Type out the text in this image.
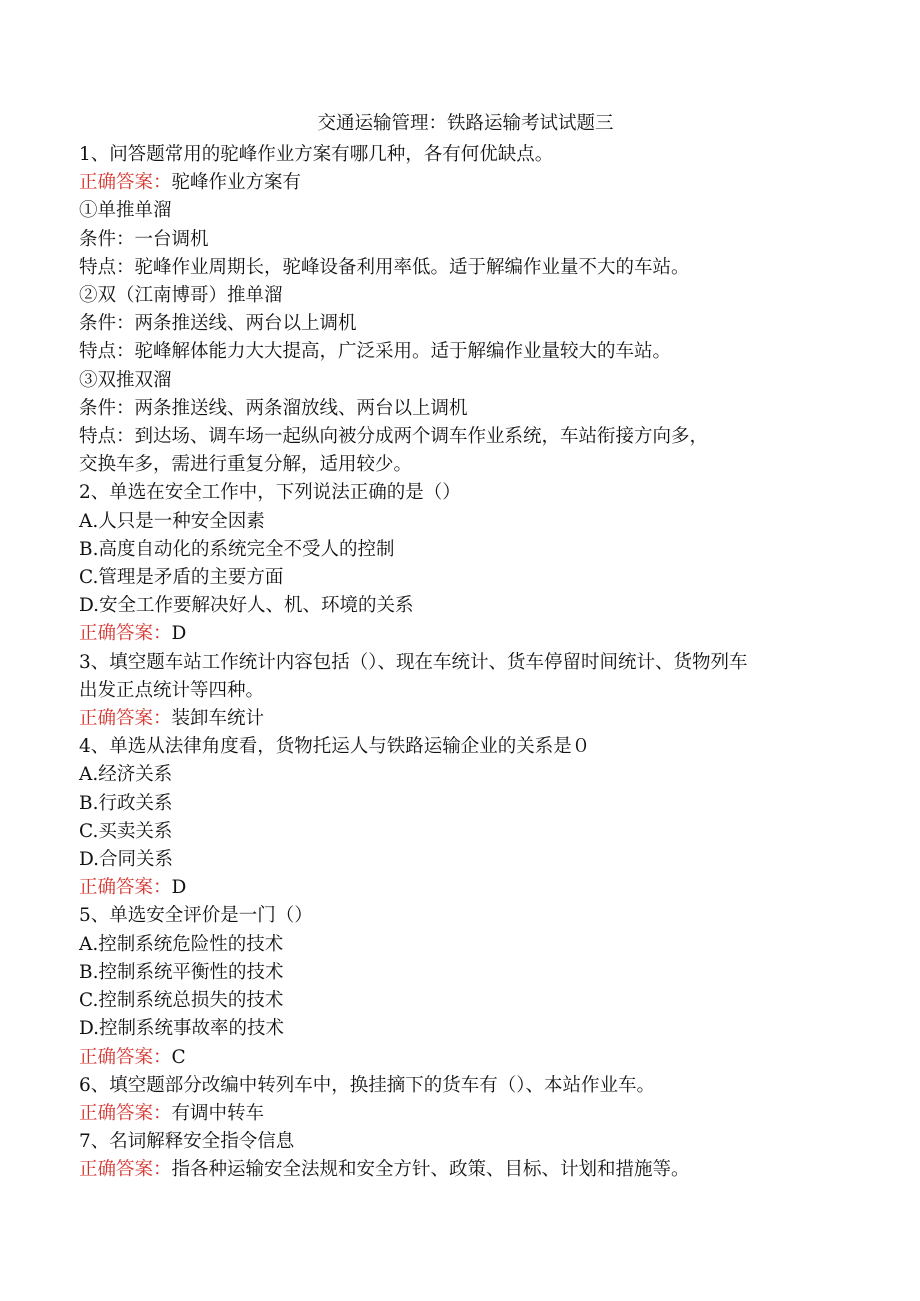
交通运输管理：铁路运输考试试题三
1、问答题常用的驼峰作业方案有哪几种，各有何优缺点。
正确答案：驼峰作业方案有
①单推单溜
条件：一台调机
特点：驼峰作业周期长，驼峰设备利用率低。适于解编作业量不大的车站。
②双（江南博哥）推单溜
条件：两条推送线、两台以上调机
特点：驼峰解体能力大大提高，广泛采用。适于解编作业量较大的车站。
③双推双溜
条件：两条推送线、两条溜放线、两台以上调机
特点：到达场、调车场一起纵向被分成两个调车作业系统，车站衔接方向多，
交换车多，需进行重复分解，适用较少。
2、单选在安全工作中，下列说法正确的是（）
A.人只是一种安全因素
B.高度自动化的系统完全不受人的控制
C.管理是矛盾的主要方面
D.安全工作要解决好人、机、环境的关系
正确答案：D
3、填空题车站工作统计内容包括（）、现在车统计、货车停留时间统计、货物列车
出发正点统计等四种。
正确答案：装卸车统计
4、单选从法律角度看，货物托运人与铁路运输企业的关系是０
A.经济关系
B.行政关系
C.买卖关系
D.合同关系
正确答案：D
5、单选安全评价是一门（）
A.控制系统危险性的技术
B.控制系统平衡性的技术
C.控制系统总损失的技术
D.控制系统事故率的技术
正确答案：C
6、填空题部分改编中转列车中，换挂摘下的货车有（）、本站作业车。
正确答案：有调中转车
7、名词解释安全指令信息
正确答案：指各种运输安全法规和安全方针、政策、目标、计划和措施等。
